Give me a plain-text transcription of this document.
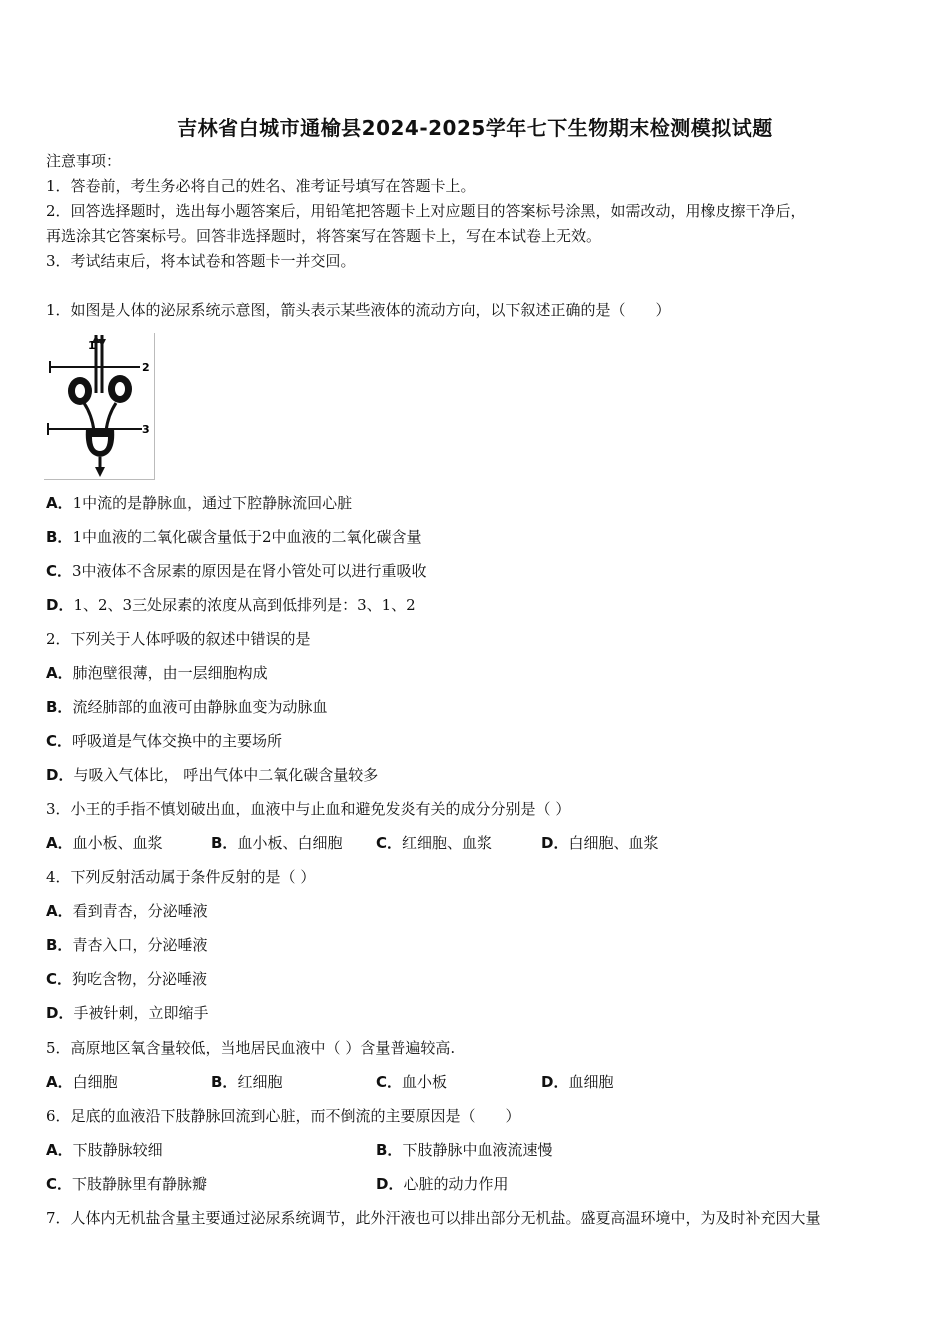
吉林省白城市通榆县2024-2025学年七下生物期末检测模拟试题
注意事项：
1．答卷前，考生务必将自己的姓名、准考证号填写在答题卡上。
2．回答选择题时，选出每小题答案后，用铅笔把答题卡上对应题目的答案标号涂黑，如需改动，用橡皮擦干净后，
再选涂其它答案标号。回答非选择题时，将答案写在答题卡上，写在本试卷上无效。
3．考试结束后，将本试卷和答题卡一并交回。
1．如图是人体的泌尿系统示意图，箭头表示某些液体的流动方向，以下叙述正确的是（　　）
2
3
1
A．1中流的是静脉血，通过下腔静脉流回心脏
B．1中血液的二氧化碳含量低于2中血液的二氧化碳含量
C．3中液体不含尿素的原因是在肾小管处可以进行重吸收
D．1、2、3三处尿素的浓度从高到低排列是：3、1、2
2．下列关于人体呼吸的叙述中错误的是
A．肺泡壁很薄，由一层细胞构成
B．流经肺部的血液可由静脉血变为动脉血
C．呼吸道是气体交换中的主要场所
D．与吸入气体比， 呼出气体中二氧化碳含量较多
3．小王的手指不慎划破出血，血液中与止血和避免发炎有关的成分分别是（ ）
A．血小板、血浆	B．血小板、白细胞 C．红细胞、血浆	D．白细胞、血浆
4．下列反射活动属于条件反射的是（ ）
A．看到青杏，分泌唾液
B．青杏入口，分泌唾液
C．狗吃含物，分泌唾液
D．手被针刺，立即缩手
5．高原地区氧含量较低，当地居民血液中（ ）含量普遍较高.
A．白细胞	B．红细胞	C．血小板	D．血细胞
6．足底的血液沿下肢静脉回流到心脏，而不倒流的主要原因是（　　）
A．下肢静脉较细	B．下肢静脉中血液流速慢
C．下肢静脉里有静脉瓣	D．心脏的动力作用
7．人体内无机盐含量主要通过泌尿系统调节，此外汗液也可以排出部分无机盐。盛夏高温环境中，为及时补充因大量
